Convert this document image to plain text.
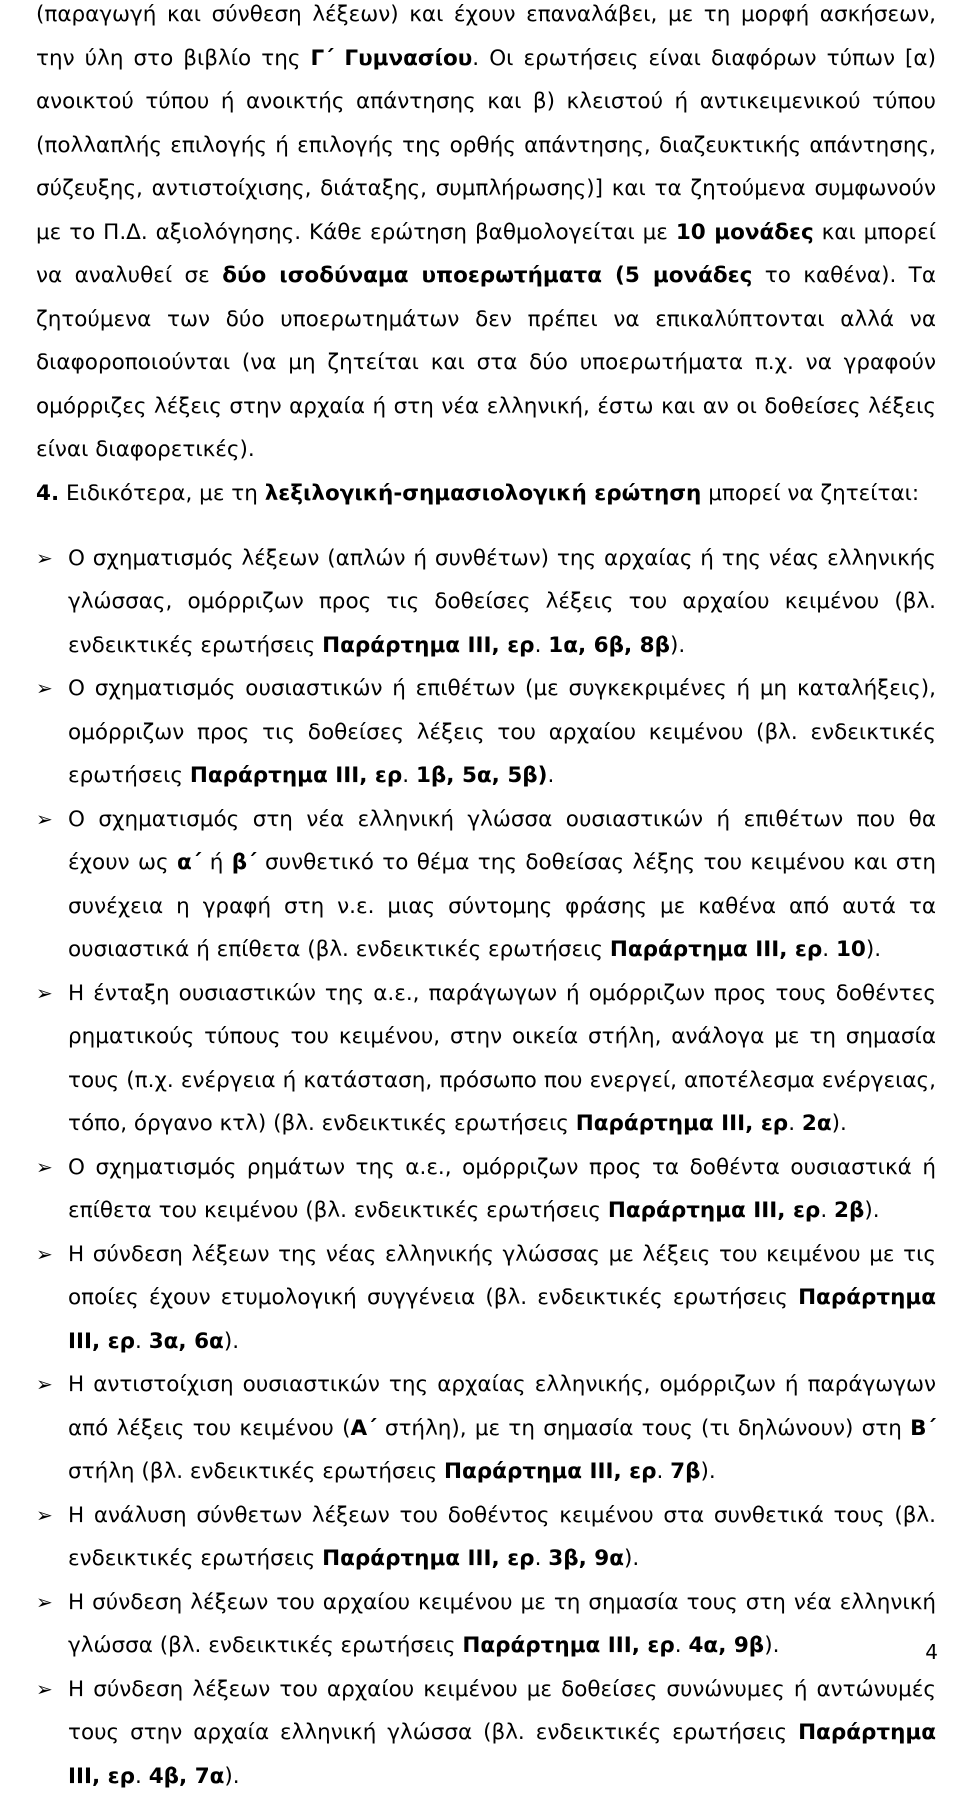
(παραγωγή και σύνθεση λέξεων) και έχουν επαναλάβει, με τη μορφή ασκήσεων, την ύλη στο βιβλίο της Γ΄ Γυμνασίου. Οι ερωτήσεις είναι διαφόρων τύπων [α) ανοικτού τύπου ή ανοικτής απάντησης και β) κλειστού ή αντικειμενικού τύπου (πολλαπλής επιλογής ή επιλογής της ορθής απάντησης, διαζευκτικής απάντησης, σύζευξης, αντιστοίχισης, διάταξης, συμπλήρωσης)] και τα ζητούμενα συμφωνούν με το Π.Δ. αξιολόγησης. Κάθε ερώτηση βαθμολογείται με 10 μονάδες και μπορεί να αναλυθεί σε δύο ισοδύναμα υποερωτήματα (5 μονάδες το καθένα). Τα ζητούμενα των δύο υποερωτημάτων δεν πρέπει να επικαλύπτονται αλλά να διαφοροποιούνται (να μη ζητείται και στα δύο υποερωτήματα π.χ. να γραφούν ομόρριζες λέξεις στην αρχαία ή στη νέα ελληνική, έστω και αν οι δοθείσες λέξεις είναι διαφορετικές).

4. Ειδικότερα, με τη λεξιλογική-σημασιολογική ερώτηση μπορεί να ζητείται:

➢ Ο σχηματισμός λέξεων (απλών ή συνθέτων) της αρχαίας ή της νέας ελληνικής γλώσσας, ομόρριζων προς τις δοθείσες λέξεις του αρχαίου κειμένου (βλ. ενδεικτικές ερωτήσεις Παράρτημα ΙΙΙ, ερ. 1α, 6β, 8β).
➢ Ο σχηματισμός ουσιαστικών ή επιθέτων (με συγκεκριμένες ή μη καταλήξεις), ομόρριζων προς τις δοθείσες λέξεις του αρχαίου κειμένου (βλ. ενδεικτικές ερωτήσεις Παράρτημα ΙΙΙ, ερ. 1β, 5α, 5β).
➢ Ο σχηματισμός στη νέα ελληνική γλώσσα ουσιαστικών ή επιθέτων που θα έχουν ως α΄ ή β΄ συνθετικό το θέμα της δοθείσας λέξης του κειμένου και στη συνέχεια η γραφή στη ν.ε. μιας σύντομης φράσης με καθένα από αυτά τα ουσιαστικά ή επίθετα (βλ. ενδεικτικές ερωτήσεις Παράρτημα ΙΙΙ, ερ. 10).
➢ Η ένταξη ουσιαστικών της α.ε., παράγωγων ή ομόρριζων προς τους δοθέντες ρηματικούς τύπους του κειμένου, στην οικεία στήλη, ανάλογα με τη σημασία τους (π.χ. ενέργεια ή κατάσταση, πρόσωπο που ενεργεί, αποτέλεσμα ενέργειας, τόπο, όργανο κτλ) (βλ. ενδεικτικές ερωτήσεις Παράρτημα ΙΙΙ, ερ. 2α).
➢ Ο σχηματισμός ρημάτων της α.ε., ομόρριζων προς τα δοθέντα ουσιαστικά ή επίθετα του κειμένου (βλ. ενδεικτικές ερωτήσεις Παράρτημα ΙΙΙ, ερ. 2β).
➢ Η σύνδεση λέξεων της νέας ελληνικής γλώσσας με λέξεις του κειμένου με τις οποίες έχουν ετυμολογική συγγένεια (βλ. ενδεικτικές ερωτήσεις Παράρτημα ΙΙΙ, ερ. 3α, 6α).
➢ Η αντιστοίχιση ουσιαστικών της αρχαίας ελληνικής, ομόρριζων ή παράγωγων από λέξεις του κειμένου (Α΄ στήλη), με τη σημασία τους (τι δηλώνουν) στη Β΄ στήλη (βλ. ενδεικτικές ερωτήσεις Παράρτημα ΙΙΙ, ερ. 7β).
➢ Η ανάλυση σύνθετων λέξεων του δοθέντος κειμένου στα συνθετικά τους (βλ. ενδεικτικές ερωτήσεις Παράρτημα ΙΙΙ, ερ. 3β, 9α).
➢ Η σύνδεση λέξεων του αρχαίου κειμένου με τη σημασία τους στη νέα ελληνική γλώσσα (βλ. ενδεικτικές ερωτήσεις Παράρτημα ΙΙΙ, ερ. 4α, 9β).
➢ Η σύνδεση λέξεων του αρχαίου κειμένου με δοθείσες συνώνυμες ή αντώνυμές τους στην αρχαία ελληνική γλώσσα (βλ. ενδεικτικές ερωτήσεις Παράρτημα ΙΙΙ, ερ. 4β, 7α).
4
